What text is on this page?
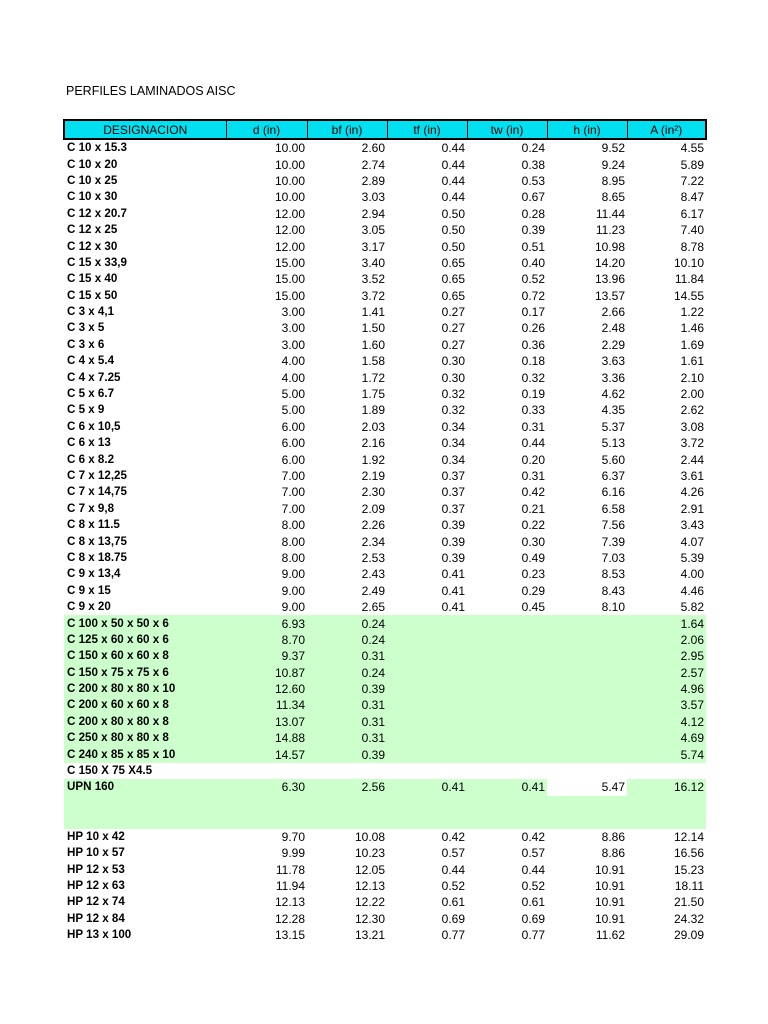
PERFILES LAMINADOS AISC
DESIGNACION	d (in)	bf (in)	tf (in)	tw (in)	h (in)	A (in²)
C 10 x 15.3	10.00	2.60	0.44	0.24	9.52	4.55
C 10 x 20	10.00	2.74	0.44	0.38	9.24	5.89
C 10 x 25	10.00	2.89	0.44	0.53	8.95	7.22
C 10 x 30	10.00	3.03	0.44	0.67	8.65	8.47
C 12 x 20.7	12.00	2.94	0.50	0.28	11.44	6.17
C 12 x 25	12.00	3.05	0.50	0.39	11.23	7.40
C 12 x 30	12.00	3.17	0.50	0.51	10.98	8.78
C 15 x 33,9	15.00	3.40	0.65	0.40	14.20	10.10
C 15 x 40	15.00	3.52	0.65	0.52	13.96	11.84
C 15 x 50	15.00	3.72	0.65	0.72	13.57	14.55
C 3 x 4,1	3.00	1.41	0.27	0.17	2.66	1.22
C 3 x 5	3.00	1.50	0.27	0.26	2.48	1.46
C 3 x 6	3.00	1.60	0.27	0.36	2.29	1.69
C 4 x 5.4	4.00	1.58	0.30	0.18	3.63	1.61
C 4 x 7.25	4.00	1.72	0.30	0.32	3.36	2.10
C 5 x 6.7	5.00	1.75	0.32	0.19	4.62	2.00
C 5 x 9	5.00	1.89	0.32	0.33	4.35	2.62
C 6 x 10,5	6.00	2.03	0.34	0.31	5.37	3.08
C 6 x 13	6.00	2.16	0.34	0.44	5.13	3.72
C 6 x 8.2	6.00	1.92	0.34	0.20	5.60	2.44
C 7 x 12,25	7.00	2.19	0.37	0.31	6.37	3.61
C 7 x 14,75	7.00	2.30	0.37	0.42	6.16	4.26
C 7 x 9,8	7.00	2.09	0.37	0.21	6.58	2.91
C 8 x 11.5	8.00	2.26	0.39	0.22	7.56	3.43
C 8 x 13,75	8.00	2.34	0.39	0.30	7.39	4.07
C 8 x 18.75	8.00	2.53	0.39	0.49	7.03	5.39
C 9 x 13,4	9.00	2.43	0.41	0.23	8.53	4.00
C 9 x 15	9.00	2.49	0.41	0.29	8.43	4.46
C 9 x 20	9.00	2.65	0.41	0.45	8.10	5.82
C 100 x 50 x 50 x 6	6.93	0.24				1.64
C 125 x 60 x 60 x 6	8.70	0.24				2.06
C 150 x 60 x 60 x 8	9.37	0.31				2.95
C 150 x 75 x 75 x 6	10.87	0.24				2.57
C 200 x 80 x 80 x 10	12.60	0.39				4.96
C 200 x 60 x 60 x 8	11.34	0.31				3.57
C 200 x 80 x 80 x 8	13.07	0.31				4.12
C 250 x 80 x 80 x 8	14.88	0.31				4.69
C 240 x 85 x 85 x 10	14.57	0.39				5.74
C 150 X 75 X4.5						
UPN 160	6.30	2.56	0.41	0.41	5.47	16.12

HP 10 x 42	9.70	10.08	0.42	0.42	8.86	12.14
HP 10 x 57	9.99	10.23	0.57	0.57	8.86	16.56
HP 12 x 53	11.78	12.05	0.44	0.44	10.91	15.23
HP 12 x 63	11.94	12.13	0.52	0.52	10.91	18.11
HP 12 x 74	12.13	12.22	0.61	0.61	10.91	21.50
HP 12 x 84	12.28	12.30	0.69	0.69	10.91	24.32
HP 13 x 100	13.15	13.21	0.77	0.77	11.62	29.09
